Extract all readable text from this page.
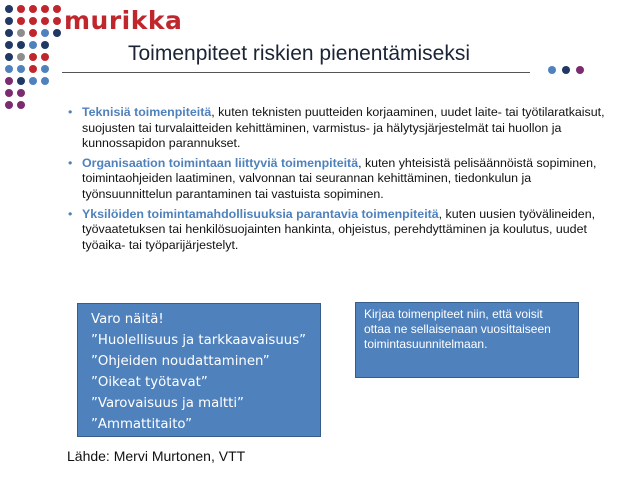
murikka
Toimenpiteet riskien pienentämiseksi
• Teknisiä toimenpiteitä, kuten teknisten puutteiden korjaaminen, uudet laite- tai työtilaratkaisut, suojusten tai turvalaitteiden kehittäminen, varmistus- ja hälytysjärjestelmät tai huollon ja kunnossapidon parannukset.
• Organisaation toimintaan liittyviä toimenpiteitä, kuten yhteisistä pelisäännöistä sopiminen, toimintaohjeiden laatiminen, valvonnan tai seurannan kehittäminen, tiedonkulun ja työnsuunnittelun parantaminen tai vastuista sopiminen.
• Yksilöiden toimintamahdollisuuksia parantavia toimenpiteitä, kuten uusien työvälineiden, työvaatetuksen tai henkilösuojainten hankinta, ohjeistus, perehdyttäminen ja koulutus, uudet työaika- tai työparijärjestelyt.
Varo näitä!
”Huolellisuus ja tarkkaavaisuus”
”Ohjeiden noudattaminen”
”Oikeat työtavat”
”Varovaisuus ja maltti”
”Ammattitaito”
Kirjaa toimenpiteet niin, että voisit ottaa ne sellaisenaan vuosittaiseen toimintasuunnitelmaan.
Lähde: Mervi Murtonen, VTT
